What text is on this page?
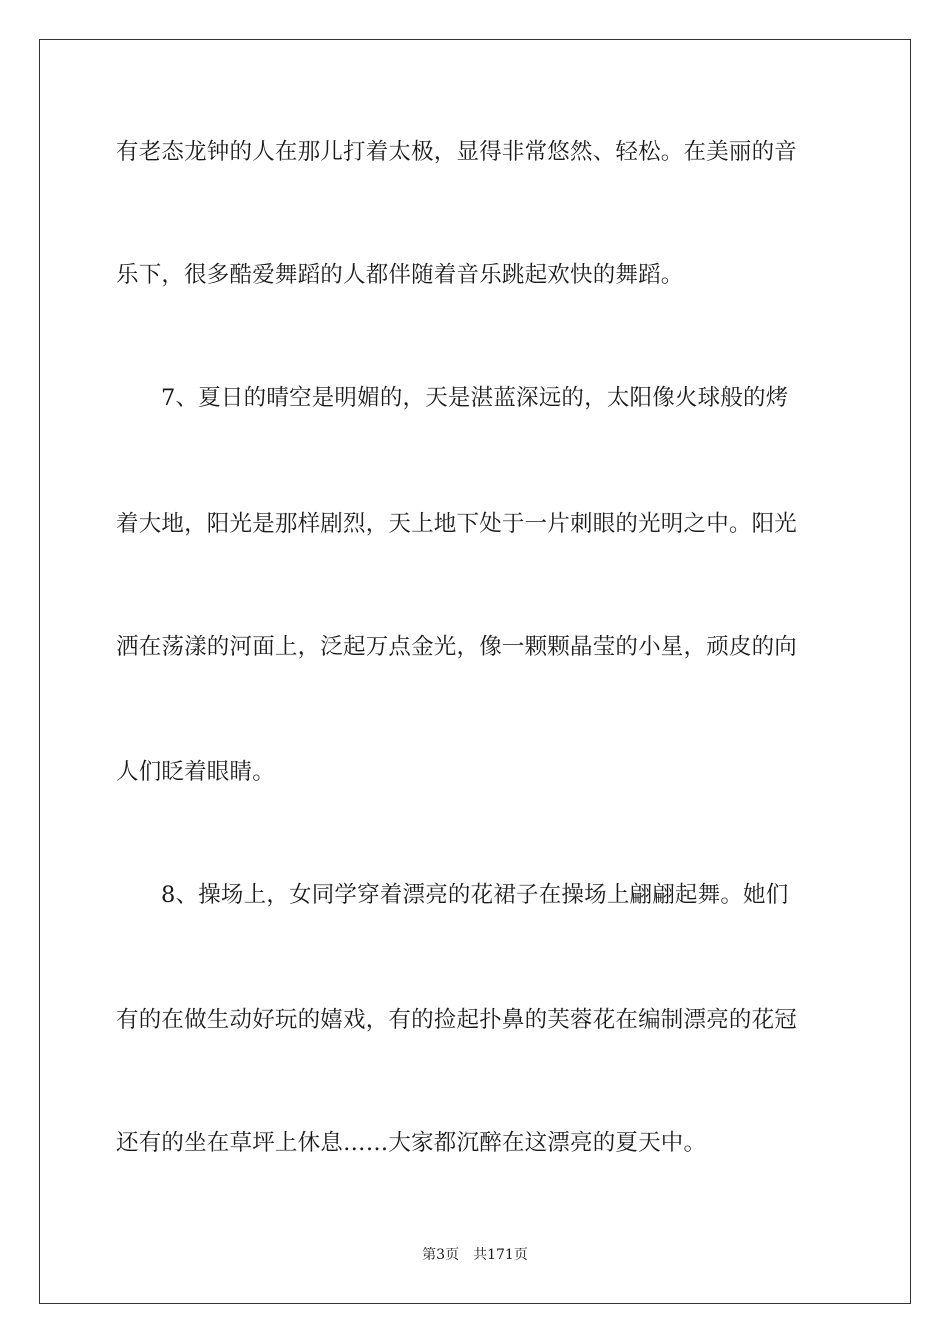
有老态龙钟的人在那儿打着太极，显得非常悠然、轻松。在美丽的音
乐下，很多酷爱舞蹈的人都伴随着音乐跳起欢快的舞蹈。
7、夏日的晴空是明媚的，天是湛蓝深远的，太阳像火球般的烤
着大地，阳光是那样剧烈，天上地下处于一片刺眼的光明之中。阳光
洒在荡漾的河面上，泛起万点金光，像一颗颗晶莹的小星，顽皮的向
人们眨着眼睛。
8、操场上，女同学穿着漂亮的花裙子在操场上翩翩起舞。她们
有的在做生动好玩的嬉戏，有的捡起扑鼻的芙蓉花在编制漂亮的花冠
还有的坐在草坪上休息……大家都沉醉在这漂亮的夏天中。
第3页 共171页
